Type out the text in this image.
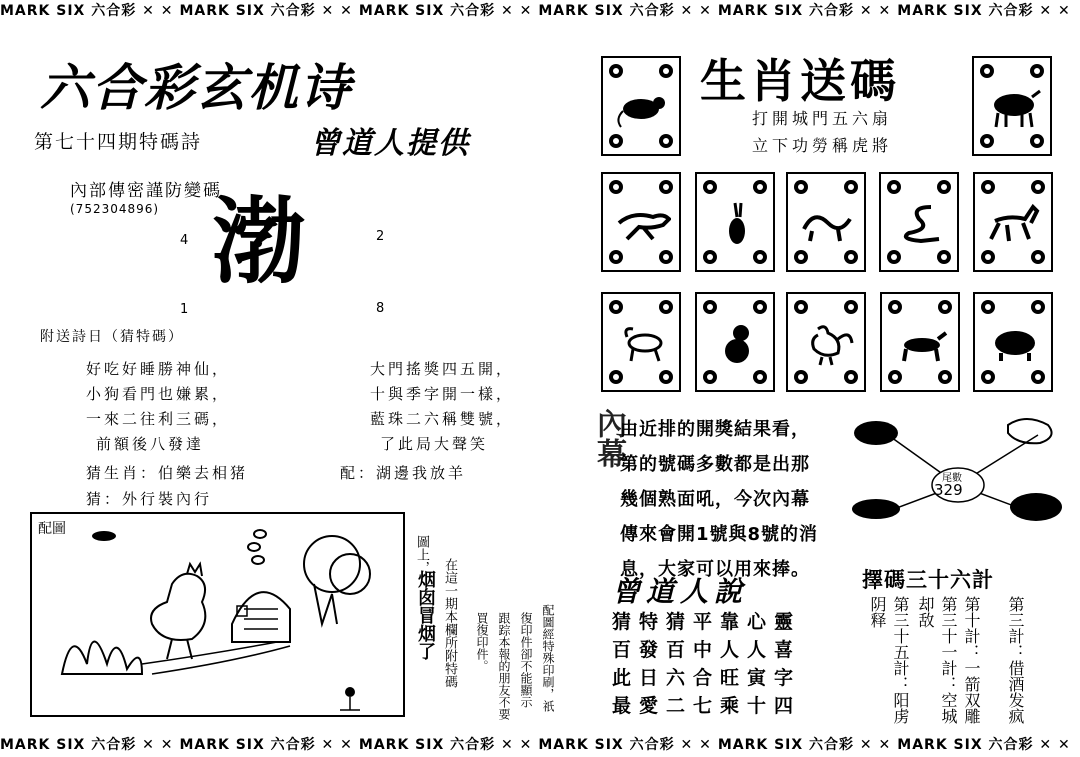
MARK SIX 六合彩 ✕ ✕MARK SIX 六合彩 ✕ ✕MARK SIX 六合彩 ✕ ✕MARK SIX 六合彩 ✕ ✕MARK SIX 六合彩 ✕ ✕MARK SIX 六合彩 ✕ ✕
六合彩玄机诗
第七十四期特碼詩	曾道人提供
內部傳密謹防變碼
(752304896) 渤
4	2
1	8
附送詩日（猜特碼）
好吃好睡勝神仙，
小狗看門也嫌累，
一來二往利三碼，
前額後八發達
大門搖獎四五開，
十與季字開一樣，
藍珠二六稱雙號，
了此局大聲笑
猜生肖：伯樂去相猪	配：湖邊我放羊
猜：外行裝內行
配圖
圖上，
烟囱冒烟了 在這一期本欄所附特碼	配圖經特殊印刷，祇
復印件卻不能顯示
跟踪本報的朋友不要
買復印件。
生肖送碼
打開城門五六扇
立下功勞稱虎將
內幕
由近排的開獎結果看，
第的號碼多數都是出那
幾個熟面吼，今次內幕
傳來會開1號與8號的消
息，大家可以用來捧。
尾數
329
曾道人說
猜特猜平靠心靈
百發百中人人喜
此日六合旺寅字
最愛二七乘十四
擇碼三十六計
第三計：借酒发疯
第十計：一箭双雕
第三十一計：空城却敌
第三十五計：阳虏阴释
MARK SIX 六合彩 ✕ ✕MARK SIX 六合彩 ✕ ✕MARK SIX 六合彩 ✕ ✕MARK SIX 六合彩 ✕ ✕MARK SIX 六合彩 ✕ ✕MARK SIX 六合彩 ✕ ✕
